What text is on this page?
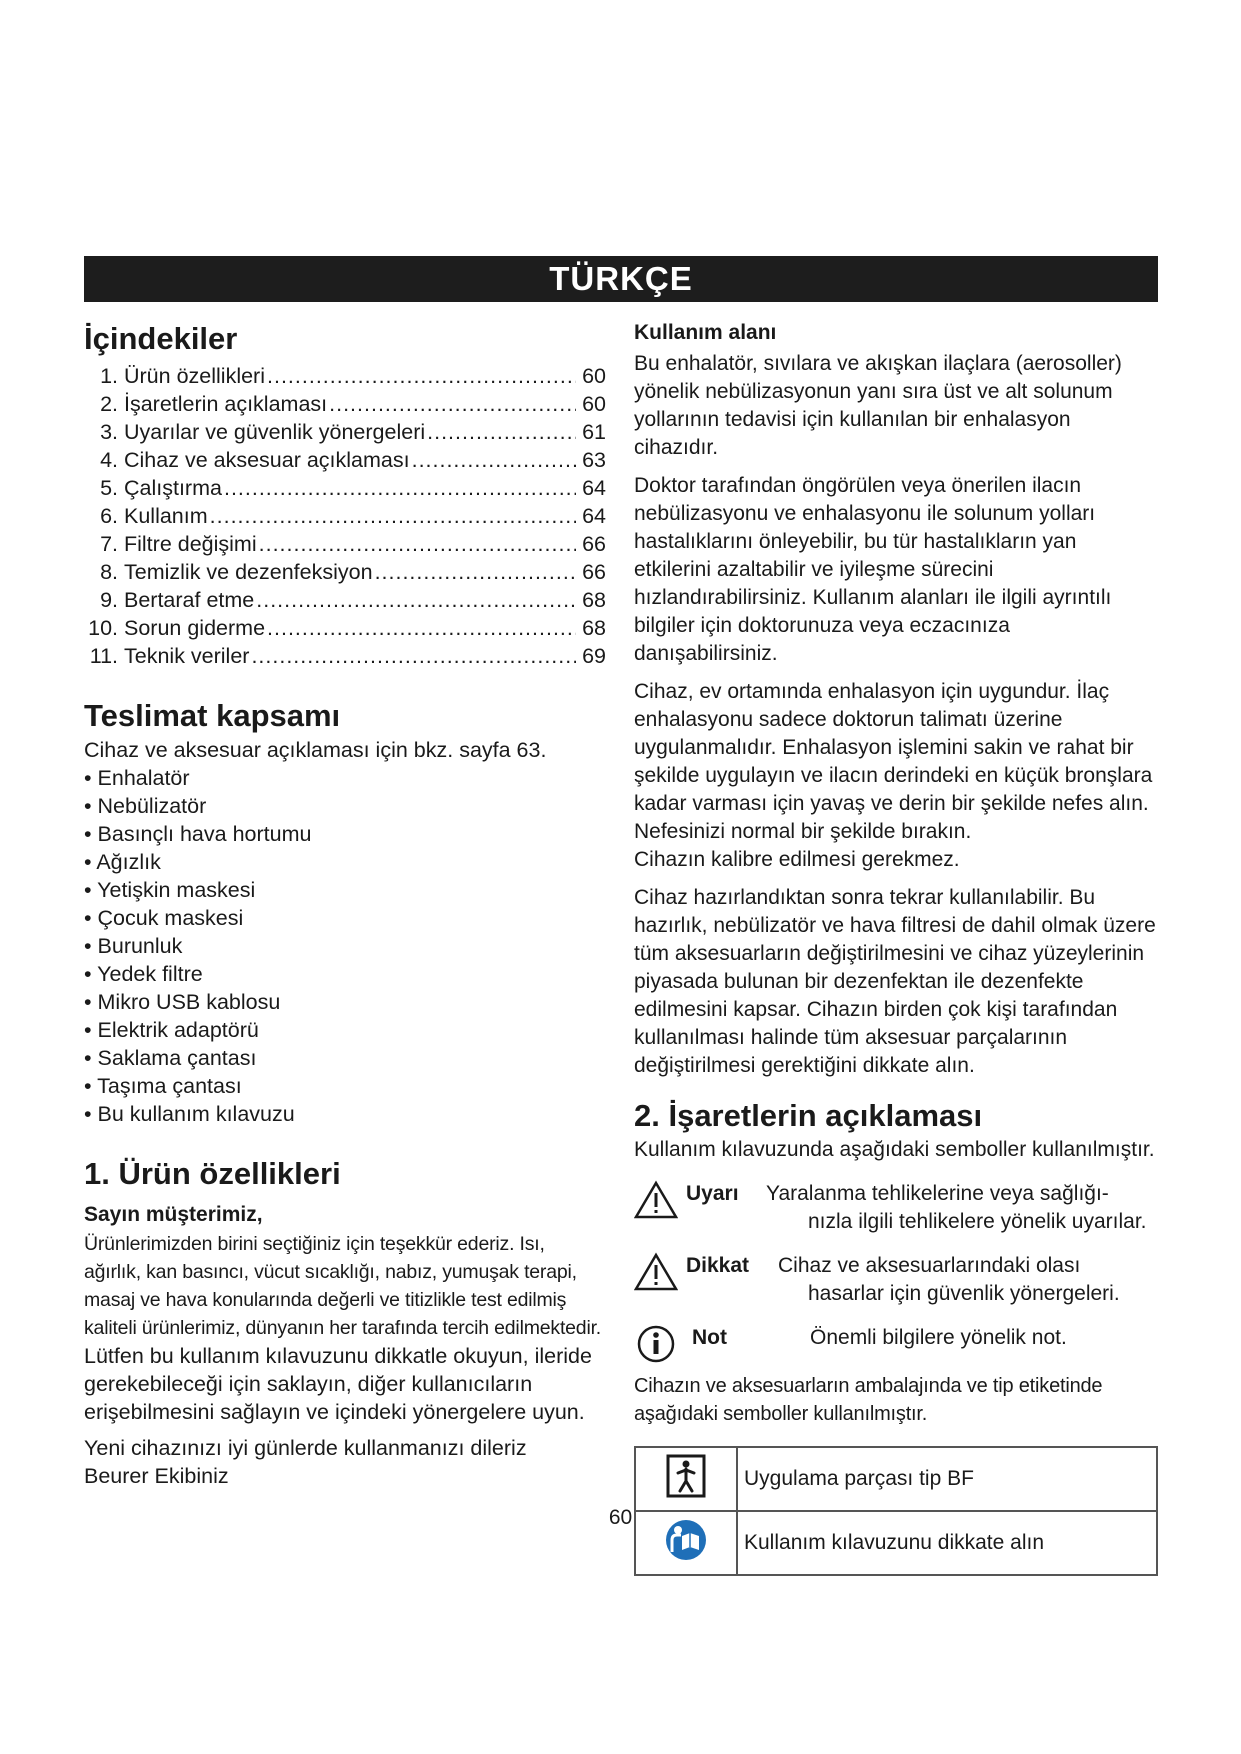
TÜRKÇE
İçindekiler
1. Ürün özellikleri .....	60
2. İşaretlerin açıklaması .....	60
3. Uyarılar ve güvenlik yönergeleri .....	61
4. Cihaz ve aksesuar açıklaması .....	63
5. Çalıştırma .....	64
6. Kullanım .....	64
7. Filtre değişimi .....	66
8. Temizlik ve dezenfeksiyon .....	66
9. Bertaraf etme .....	68
10. Sorun giderme .....	68
11. Teknik veriler .....	69
Teslimat kapsamı

Cihaz ve aksesuar açıklaması için bkz. sayfa 63.

• Enhalatör
• Nebülizatör
• Basınçlı hava hortumu
• Ağızlık
• Yetişkin maskesi
• Çocuk maskesi
• Burunluk
• Yedek filtre
• Mikro USB kablosu
• Elektrik adaptörü
• Saklama çantası
• Taşıma çantası
• Bu kullanım kılavuzu
1. Ürün özellikleri

Sayın müşterimiz,

Ürünlerimizden birini seçtiğiniz için teşekkür ederiz. Isı, ağırlık, kan basıncı, vücut sıcaklığı, nabız, yumuşak terapi, masaj ve hava konularında değerli ve titizlikle test edilmiş kaliteli ürünlerimiz, dünyanın her tarafında tercih edilmektedir.

Lütfen bu kullanım kılavuzunu dikkatle okuyun, ileride gerekebileceği için saklayın, diğer kullanıcıların erişebilmesini sağlayın ve içindeki yönergelere uyun.

Yeni cihazınızı iyi günlerde kullanmanızı dileriz

Beurer Ekibiniz

Kullanım alanı

Bu enhalatör, sıvılara ve akışkan ilaçlara (aerosoller) yönelik nebülizasyonun yanı sıra üst ve alt solunum yollarının tedavisi için kullanılan bir enhalasyon cihazıdır.

Doktor tarafından öngörülen veya önerilen ilacın nebülizasyonu ve enhalasyonu ile solunum yolları hastalıklarını önleyebilir, bu tür hastalıkların yan etkilerini azaltabilir ve iyileşme sürecini hızlandırabilirsiniz. Kullanım alanları ile ilgili ayrıntılı bilgiler için doktorunuza veya eczacınıza danışabilirsiniz.

Cihaz, ev ortamında enhalasyon için uygundur. İlaç enhalasyonu sadece doktorun talimatı üzerine uygulanmalıdır. Enhalasyon işlemini sakin ve rahat bir şekilde uygulayın ve ilacın derindeki en küçük bronşlara kadar varması için yavaş ve derin bir şekilde nefes alın. Nefesinizi normal bir şekilde bırakın.

Cihazın kalibre edilmesi gerekmez.

Cihaz hazırlandıktan sonra tekrar kullanılabilir. Bu hazırlık, nebülizatör ve hava filtresi de dahil olmak üzere tüm aksesuarların değiştirilmesini ve cihaz yüzeylerinin piyasada bulunan bir dezenfektan ile dezenfekte edilmesini kapsar. Cihazın birden çok kişi tarafından kullanılması halinde tüm aksesuar parçalarının değiştirilmesi gerektiğini dikkate alın.

2. İşaretlerin açıklaması

Kullanım kılavuzunda aşağıdaki semboller kullanılmıştır.

Uyarı	Yaralanma tehlikelerine veya sağlığı-
nızla ilgili tehlikelere yönelik uyarılar.
Dikkat	Cihaz ve aksesuarlarındaki olası
hasarlar için güvenlik yönergeleri.
Not	Önemli bilgilere yönelik not.

Cihazın ve aksesuarların ambalajında ve tip etiketinde aşağıdaki semboller kullanılmıştır.

	Uygulama parçası tip BF
	Kullanım kılavuzunu dikkate alın
60
